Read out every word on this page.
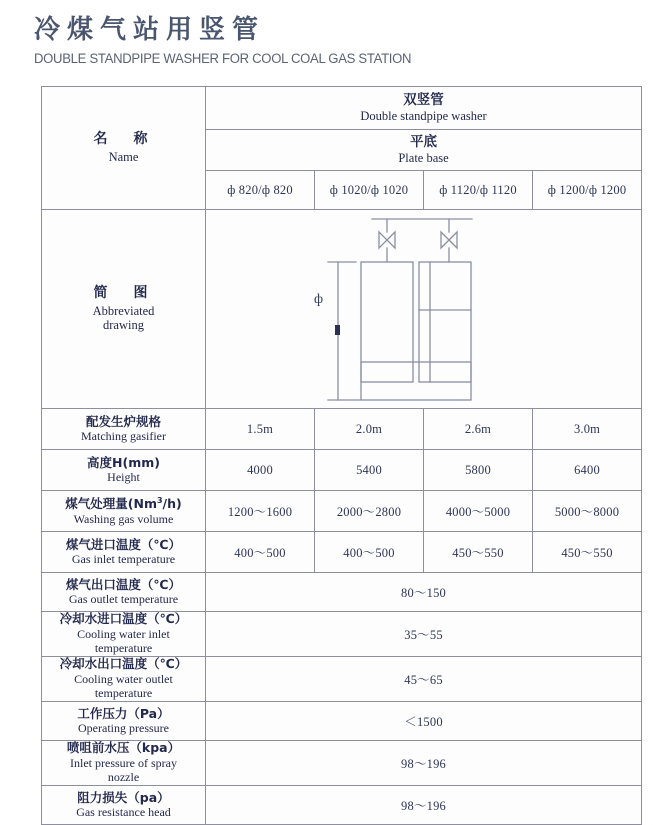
冷煤气站用竖管
DOUBLE STANDPIPE WASHER FOR COOL COAL GAS STATION
名　称
Name	双竖管
Double standpipe washer			

	平底
Plate base			

	ф 820/ф 820	ф 1020/ф 1020	ф 1120/ф 1120	ф 1200/ф 1200

简　图
Abbreviated
drawing	ф			

配发生炉规格
Matching gasifier	1.5m	2.0m	2.6m	3.0m

高度H(mm)
Height	4000	5400	5800	6400

煤气处理量(Nm$^3$/h)
Washing gas volume	1200～1600	2000～2800	4000～5000	5000～8000

煤气进口温度（℃）
Gas inlet temperature	400～500	400～500	450～550	450～550

煤气出口温度（℃）
Gas outlet temperature	80～150			

冷却水进口温度（℃）
Cooling water inlet
temperature	35～55			

冷却水出口温度（℃）
Cooling water outlet
temperature	45～65			

工作压力（Pa）
Operating pressure	＜1500			

喷咀前水压（kpa）
Inlet pressure of spray
nozzle	98～196			

阻力损失（pa）
Gas resistance head	98～196			
